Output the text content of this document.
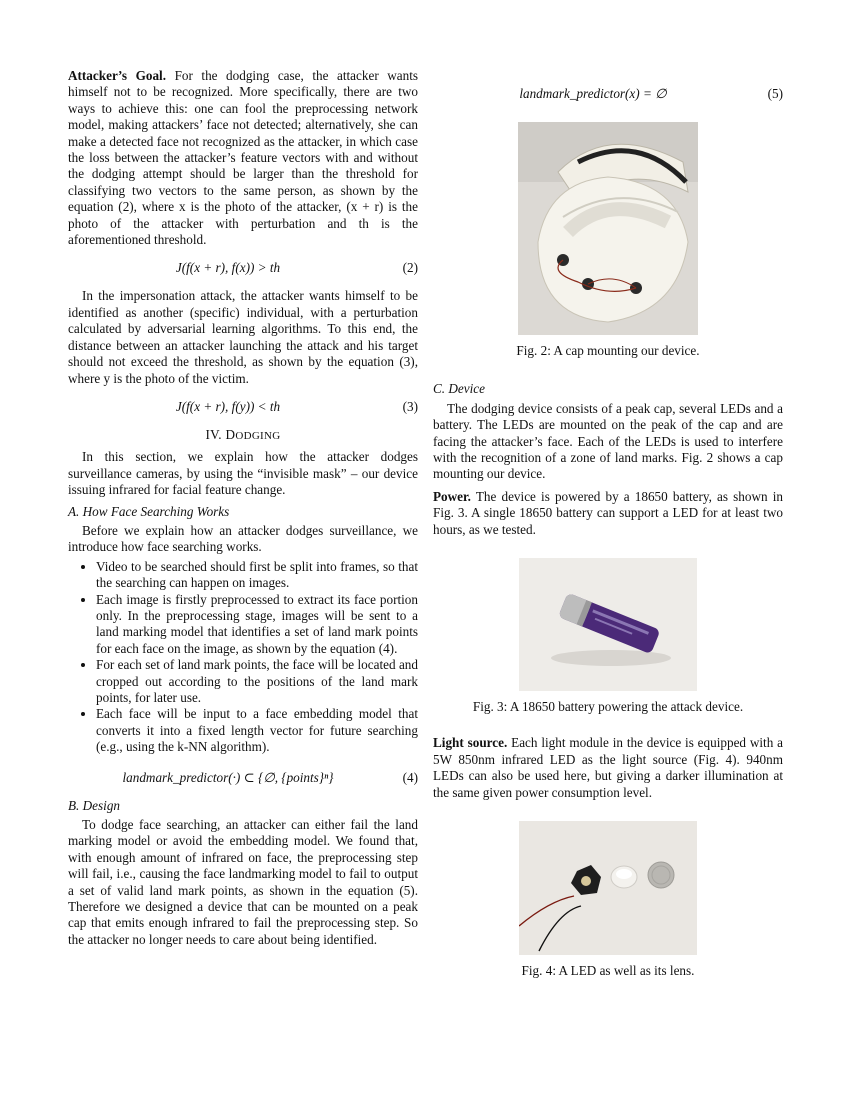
Attacker’s Goal. For the dodging case, the attacker wants himself not to be recognized. More specifically, there are two ways to achieve this: one can fool the preprocessing network model, making attackers’ face not detected; alternatively, she can make a detected face not recognized as the attacker, in which case the loss between the attacker’s feature vectors with and without the dodging attempt should be larger than the threshold for classifying two vectors to the same person, as shown by the equation (2), where x is the photo of the attacker, (x + r) is the photo of the attacker with perturbation and th is the aforementioned threshold.

J(f(x + r), f(x)) > th	(2)

In the impersonation attack, the attacker wants himself to be identified as another (specific) individual, with a perturbation calculated by adversarial learning algorithms. To this end, the distance between an attacker launching the attack and his target should not exceed the threshold, as shown by the equation (3), where y is the photo of the victim.

J(f(x + r), f(y)) < th	(3)
IV. DODGING

In this section, we explain how the attacker dodges surveillance cameras, by using the “invisible mask” – our device issuing infrared for facial feature change.

A. How Face Searching Works

Before we explain how an attacker dodges surveillance, we introduce how face searching works.

• Video to be searched should first be split into frames, so that the searching can happen on images.
• Each image is firstly preprocessed to extract its face portion only. In the preprocessing stage, images will be sent to a land marking model that identifies a set of land mark points for each face on the image, as shown by the equation (4).
• For each set of land mark points, the face will be located and cropped out according to the positions of the land mark points, for later use.
• Each face will be input to a face embedding model that converts it into a fixed length vector for future searching (e.g., using the k-NN algorithm).
landmark_predictor(·) ⊂ {∅, {points}ⁿ}	(4)
B. Design

To dodge face searching, an attacker can either fail the land marking model or avoid the embedding model. We found that, with enough amount of infrared on face, the preprocessing step will fail, i.e., causing the face landmarking model to fail to output a set of valid land mark points, as shown in the equation (5). Therefore we designed a device that can be mounted on a peak cap that emits enough infrared to fail the preprocessing step. So the attacker no longer needs to care about being identified.

landmark_predictor(x) = ∅	(5)
Fig. 2: A cap mounting our device.
C. Device

The dodging device consists of a peak cap, several LEDs and a battery. The LEDs are mounted on the peak of the cap and are facing the attacker’s face. Each of the LEDs is used to interfere with the recognition of a zone of land marks. Fig. 2 shows a cap mounting our device.

Power. The device is powered by a 18650 battery, as shown in Fig. 3. A single 18650 battery can support a LED for at least two hours, as we tested.

Fig. 3: A 18650 battery powering the attack device.

Light source. Each light module in the device is equipped with a 5W 850nm infrared LED as the light source (Fig. 4). 940nm LEDs can also be used here, but giving a darker illumination at the same given power consumption level.

Fig. 4: A LED as well as its lens.
